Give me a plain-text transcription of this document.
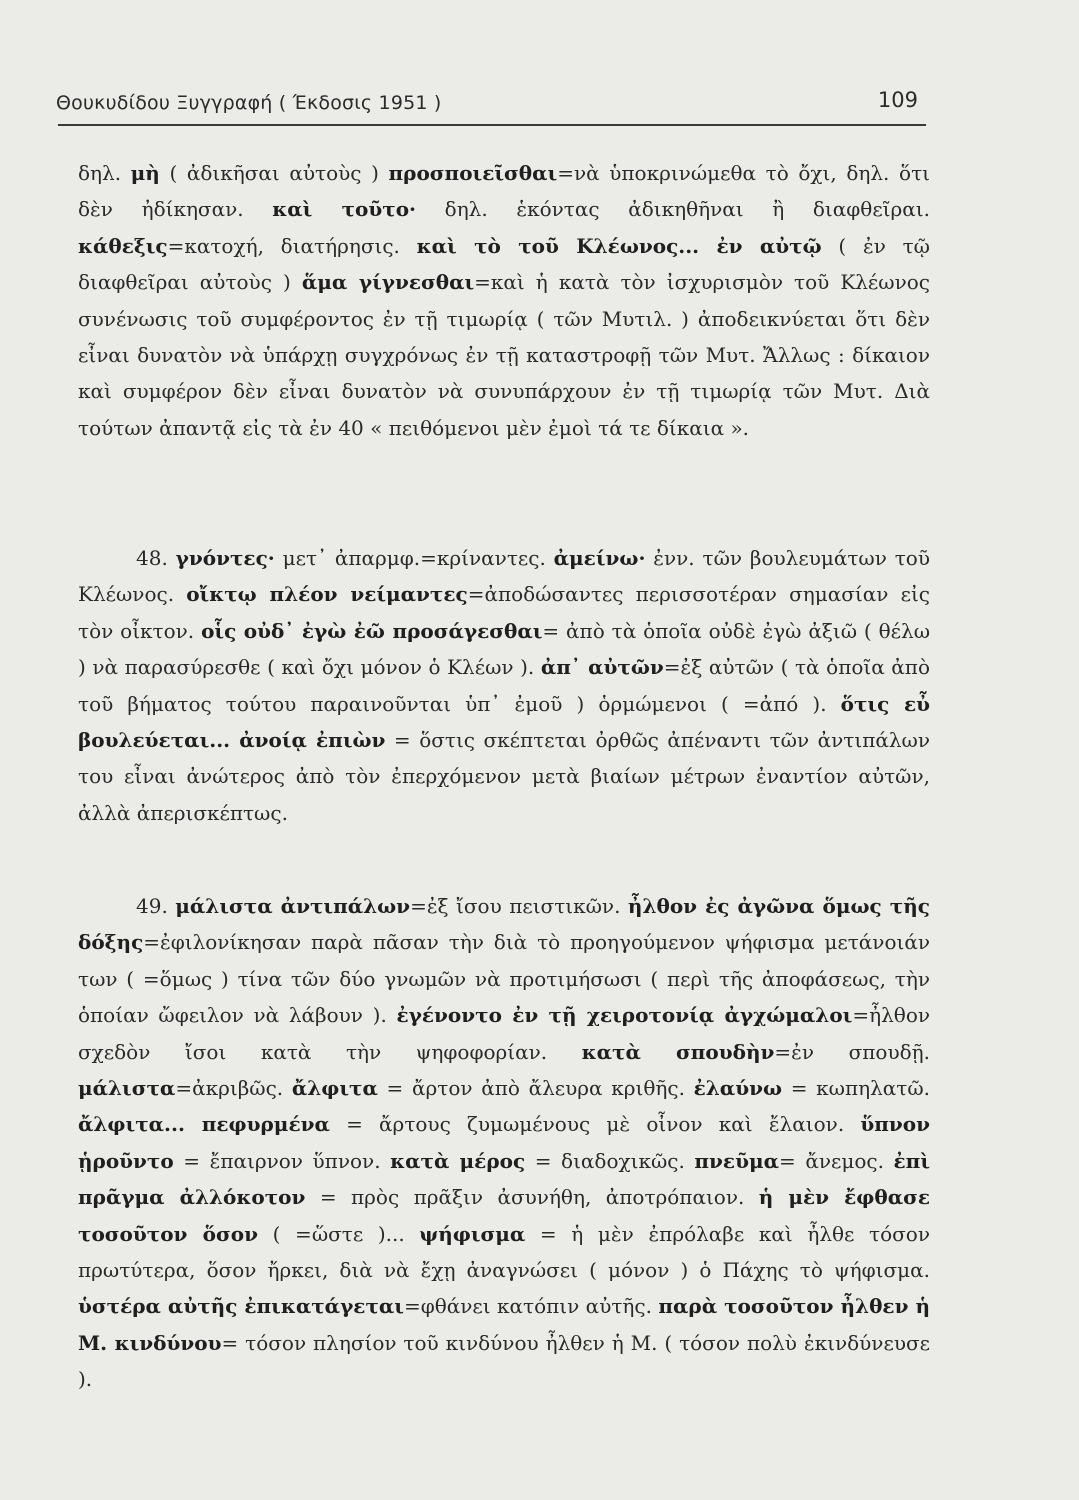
Θουκυδίδου Ξυγγραφή ( Έκδοσις 1951 )	109

δηλ. μὴ ( ἀδικῆσαι αὐτοὺς ) προσποιεῖσθαι=νὰ ὑποκρινώμεθα τὸ ὄχι, δηλ. ὅτι δὲν ἠδίκησαν. καὶ τοῦτο· δηλ. ἑκόντας ἀδικηθῆναι ἢ διαφθεῖραι. κάθεξις=κατοχή, διατήρησις. καὶ τὸ τοῦ Κλέωνος... ἐν αὐτῷ ( ἐν τῷ διαφθεῖραι αὐτοὺς ) ἅμα γίγνεσθαι=καὶ ἡ κατὰ τὸν ἰσχυρισμὸν τοῦ Κλέωνος συνένωσις τοῦ συμφέροντος ἐν τῇ τιμωρίᾳ ( τῶν Μυτιλ. ) ἀποδεικνύεται ὅτι δὲν εἶναι δυνατὸν νὰ ὑπάρχῃ συγχρόνως ἐν τῇ καταστροφῇ τῶν Μυτ. Ἄλλως : δίκαιον καὶ συμφέρον δὲν εἶναι δυνατὸν νὰ συνυπάρχουν ἐν τῇ τιμωρίᾳ τῶν Μυτ. Διὰ τούτων ἀπαντᾷ εἰς τὰ ἐν 40 « πειθόμενοι μὲν ἐμοὶ τά τε δίκαια ».

48. γνόντες· μετ᾽ ἀπαρμφ.=κρίναντες. ἀμείνω· ἐνν. τῶν βουλευμάτων τοῦ Κλέωνος. οἴκτῳ πλέον νείμαντες=ἀποδώσαντες περισσοτέραν σημασίαν εἰς τὸν οἶκτον. οἷς οὐδ᾽ ἐγὼ ἐῶ προσάγεσθαι= ἀπὸ τὰ ὁποῖα οὐδὲ ἐγὼ ἀξιῶ ( θέλω ) νὰ παρασύρεσθε ( καὶ ὄχι μόνον ὁ Κλέων ). ἀπ᾽ αὐτῶν=ἐξ αὐτῶν ( τὰ ὁποῖα ἀπὸ τοῦ βήματος τούτου παραινοῦνται ὑπ᾽ ἐμοῦ ) ὁρμώμενοι ( =ἀπό ). ὅτις εὖ βουλεύεται... ἀνοίᾳ ἐπιὼν = ὅστις σκέπτεται ὀρθῶς ἀπέναντι τῶν ἀντιπάλων του εἶναι ἀνώτερος ἀπὸ τὸν ἐπερχόμενον μετὰ βιαίων μέτρων ἐναντίον αὐτῶν, ἀλλὰ ἀπερισκέπτως.

49. μάλιστα ἀντιπάλων=ἐξ ἴσου πειστικῶν. ἦλθον ἐς ἀγῶνα ὅμως τῆς δόξης=ἐφιλονίκησαν παρὰ πᾶσαν τὴν διὰ τὸ προηγούμενον ψήφισμα μετάνοιάν των ( =ὅμως ) τίνα τῶν δύο γνωμῶν νὰ προτιμήσωσι ( περὶ τῆς ἀποφάσεως, τὴν ὁποίαν ὤφειλον νὰ λάβουν ). ἐγένοντο ἐν τῇ χειροτονίᾳ ἀγχώμαλοι=ἦλθον σχεδὸν ἴσοι κατὰ τὴν ψηφοφορίαν. κατὰ σπουδὴν=ἐν σπουδῇ. μάλιστα=ἀκριβῶς. ἄλφιτα = ἄρτον ἀπὸ ἄλευρα κριθῆς. ἐλαύνω = κωπηλατῶ. ἄλφιτα... πεφυρμένα = ἄρτους ζυμωμένους μὲ οἶνον καὶ ἔλαιον. ὕπνον ᾑροῦντο = ἔπαιρνον ὕπνον. κατὰ μέρος = διαδοχικῶς. πνεῦμα= ἄνεμος. ἐπὶ πρᾶγμα ἀλλόκοτον = πρὸς πρᾶξιν ἀσυνήθη, ἀποτρόπαιον. ἡ μὲν ἔφθασε τοσοῦτον ὅσον ( =ὥστε )... ψήφισμα = ἡ μὲν ἐπρόλαβε καὶ ἦλθε τόσον πρωτύτερα, ὅσον ἤρκει, διὰ νὰ ἔχῃ ἀναγνώσει ( μόνον ) ὁ Πάχης τὸ ψήφισμα. ὑστέρα αὐτῆς ἐπικατάγεται=φθάνει κατόπιν αὐτῆς. παρὰ τοσοῦτον ἦλθεν ἡ Μ. κινδύνου= τόσον πλησίον τοῦ κινδύνου ἦλθεν ἡ Μ. ( τόσον πολὺ ἐκινδύνευσε ).
